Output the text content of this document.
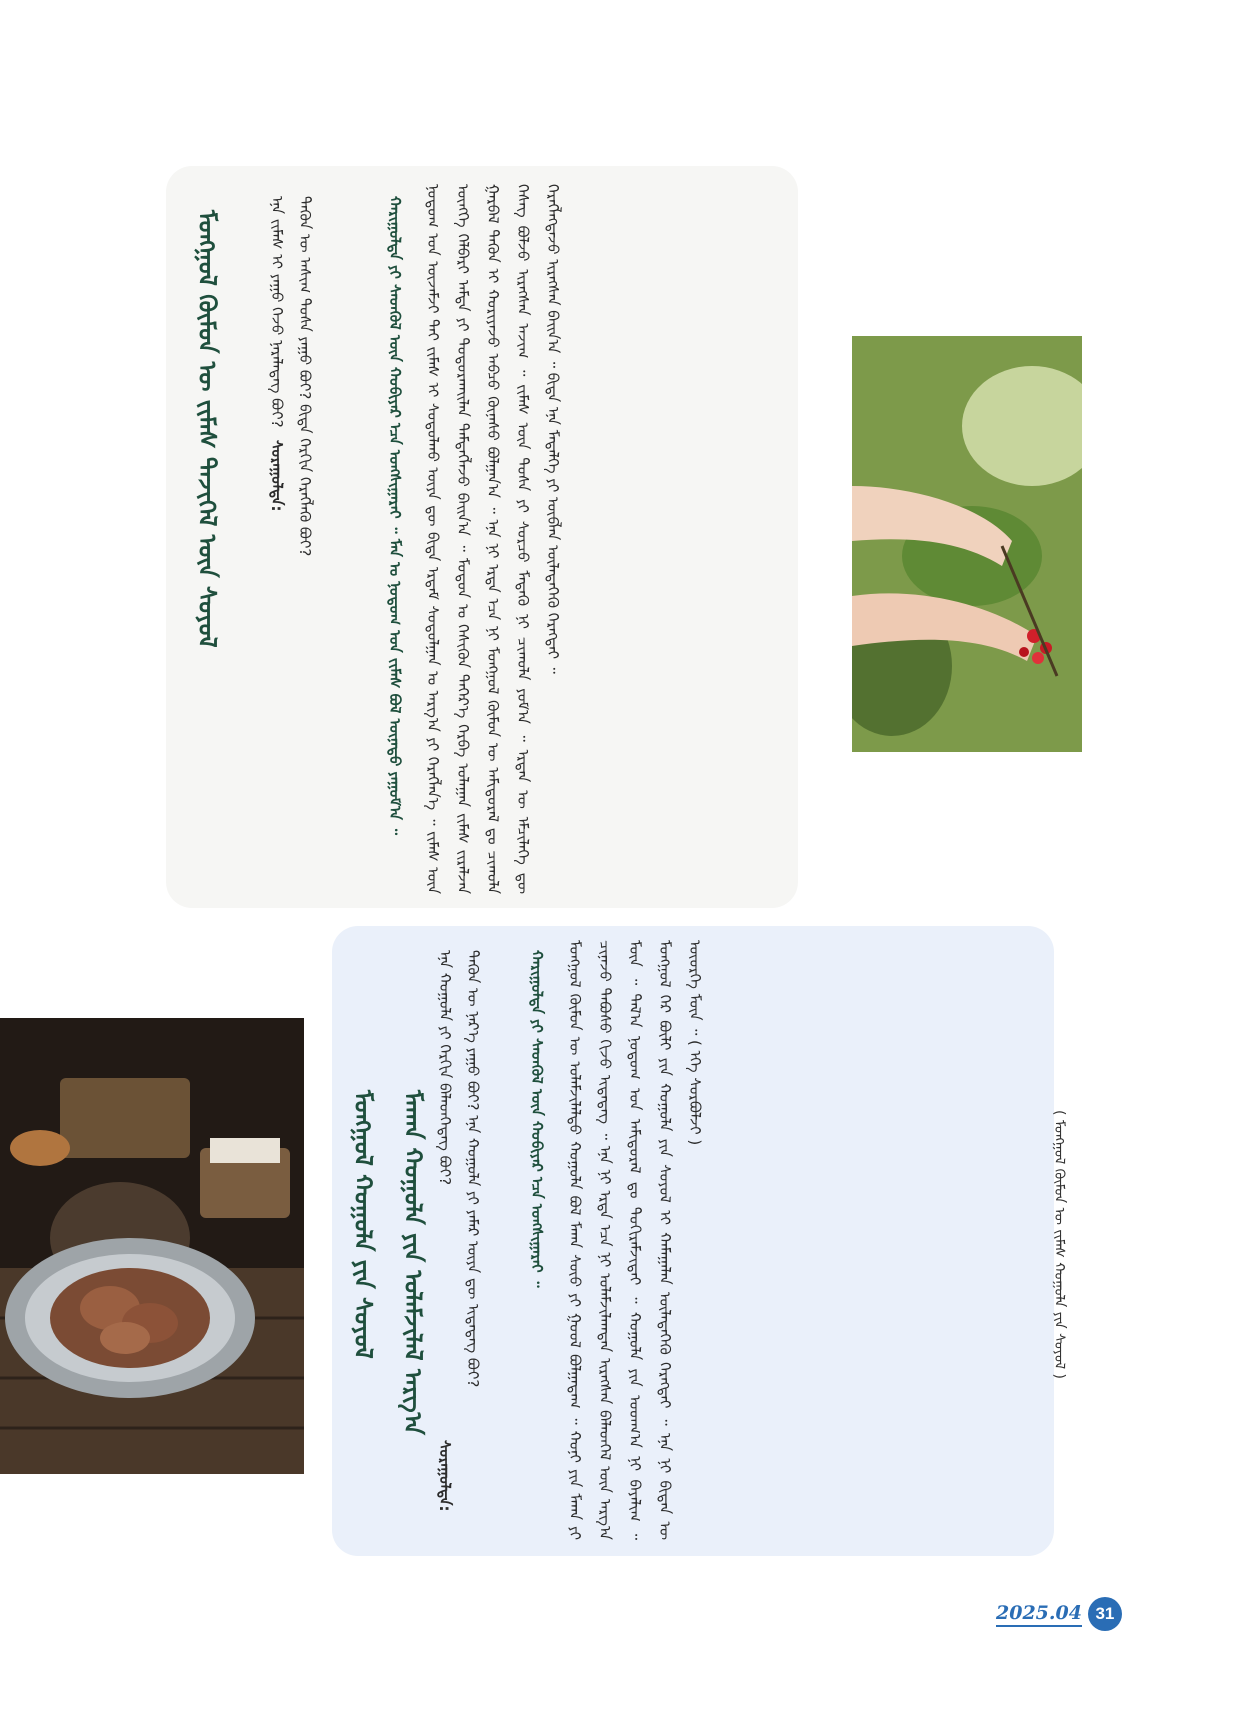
ᠮᠣᠩᠭᠣᠯ ᠬᠦᠮᠦᠨ ᠦ ᠵᠢᠮᠡᠰ ᠲᠡᠵᠢᠭᠡᠯ ᠦᠨ ᠰᠣᠶᠣᠯ	ᠡᠨᠡ ᠵᠢᠮᠡᠰ ᠢ ᠶᠠᠭᠤ ᠭᠡᠵᠦ ᠨᠡᠷᠡᠯᠡᠳᠡᠭ ᠪᠤᠢ?
ᠰᠤᠷᠠᠭᠤᠯᠲᠠ: ᠲᠡᠭᠦᠨ ᠦ ᠠᠰᠢᠭ ᠲᠤᠰᠠ ᠶᠠᠭᠤ ᠪᠤᠢ? ᠪᠢᠳᠡ ᠬᠡᠷᠬᠢᠨ ᠬᠡᠷᠡᠭᠯᠡᠬᠦ ᠪᠤᠢ?	ᠬᠠᠷᠢᠭᠤᠯᠲᠠ ᠶᠢ ᠰᠡᠳᠬᠦᠯ ᠦᠨ ᠬᠤᠪᠢᠶᠠᠷ ᠡᠴᠡ ᠤᠩᠰᠢᠭᠠᠷᠠᠢ ᠃ ᠮᠠᠨ ᠤ ᠨᠤᠲᠤᠭ ᠤᠨ ᠵᠢᠮᠡᠰ ᠪᠣᠯ ᠦᠨᠡᠲᠦ ᠶᠠᠭᠤᠮ᠎ᠠ ᠃	ᠨᠤᠲᠤᠭ ᠤᠨ ᠦᠵᠡᠮᠵᠢ ᠲᠡᠢ ᠵᠢᠮᠡᠰ ᠢ ᠰᠤᠳᠤᠯᠬᠤ ᠦᠶᠡ ᠳᠦ ᠪᠢᠳᠡ ᠡᠷᠳᠡᠮ ᠰᠤᠳᠤᠯᠭᠠᠨ ᠤ ᠠᠷᠭ᠎ᠠ ᠶᠢ ᠬᠡᠷᠡᠭᠯᠡᠨ᠎ᠡ ᠃ ᠵᠢᠮᠡᠰ ᠦᠨ ᠦᠩᠭᠡ ᠬᠡᠯᠪᠡᠷᠢ ᠠᠮᠲᠠ ᠶᠢ ᠲᠣᠳᠣᠷᠬᠠᠢᠯᠠᠨ ᠲᠡᠮᠳᠡᠭᠯᠡᠵᠦ ᠪᠠᠢᠨ᠎ᠠ ᠃ ᠮᠣᠳᠣᠨ ᠤ ᠭᠡᠰᠢᠭᠦᠨ ᠳᠡᠭᠡᠷ᠎ᠡ ᠬᠡᠷᠪᠡ ᠤᠯᠠᠭᠠᠨ ᠵᠢᠮᠡᠰ ᠵᠢᠷᠠᠯᠵᠠᠨ ᠭᠠᠷᠪᠠᠯ ᠲᠡᠭᠦᠨ ᠢ ᠬᠤᠷᠢᠶᠠᠵᠤ ᠠᠪᠴᠤ ᠬᠦᠨᠡᠰᠦ ᠪᠣᠯᠭᠠᠨ᠎ᠠ ᠃ ᠡᠨᠡ ᠨᠢ ᠡᠷᠲᠡ ᠡᠴᠡ ᠨᠢ ᠮᠣᠩᠭᠣᠯ ᠬᠦᠮᠦᠨ ᠦ ᠠᠮᠢᠳᠤᠷᠠᠯ ᠳᠤ ᠴᠢᠬᠤᠯᠠ ᠬᠡᠰᠡᠭ ᠪᠣᠯᠵᠤ ᠢᠷᠡᠭᠰᠡᠨ ᠠᠵᠢᠭ ᠃ ᠵᠢᠮᠡᠰ ᠦᠨ ᠲᠤᠰᠠ ᠶᠢ ᠰᠤᠷᠴᠤ ᠮᠡᠳᠡᠬᠦ ᠨᠢ ᠴᠢᠬᠤᠯᠠ ᠶᠤᠮ᠎ᠠ ᠃ ᠡᠷᠲᠡᠨ ᠦ ᠡᠮᠴᠢᠯᠡᠭᠡ ᠳᠦ ᠬᠡᠷᠡᠭᠯᠡᠭᠳᠡᠵᠦ ᠢᠷᠡᠭᠰᠡᠨ ᠪᠠᠢᠨ᠎ᠠ ᠃ ᠪᠢᠳᠡ ᠡᠨᠡ ᠮᠡᠳᠡᠯᠭᠡ ᠶᠢ ᠥᠪᠯᠡᠨ ᠦᠯᠡᠳᠡᠭᠡᠬᠦ ᠬᠡᠷᠡᠭᠲᠡᠢ ᠃
ᠮᠣᠩᠭᠣᠯ ᠬᠤᠭᠤᠯᠠ ᠶᠢᠨ ᠰᠣᠶᠣᠯ ᠮᠠᠬᠠᠨ ᠬᠣᠭᠣᠯᠠ ᠶᠢᠨ ᠤᠯᠠᠮᠵᠢᠯᠠᠯ ᠠᠷᠭ᠎ᠠ
ᠡᠨᠡ ᠬᠣᠭᠣᠯᠠ ᠶᠢ ᠬᠡᠷᠬᠢᠨ ᠪᠡᠯᠡᠳᠬᠡᠳᠡᠭ ᠪᠤᠢ?
ᠰᠤᠷᠠᠭᠤᠯᠲᠠ:
ᠲᠡᠭᠦᠨ ᠦ ᠨᠡᠷ᠎ᠡ ᠶᠠᠭᠤ ᠪᠤᠢ? ᠡᠨᠡ ᠬᠣᠭᠣᠯᠠ ᠶᠢ ᠶᠠᠮᠠᠷ ᠦᠶᠡ ᠳᠦ ᠢᠳᠡᠳᠡᠭ ᠪᠤᠢ?	ᠬᠠᠷᠢᠭᠤᠯᠲᠠ ᠶᠢ ᠰᠡᠳᠬᠦᠯ ᠦᠨ ᠬᠤᠪᠢᠶᠠᠷ ᠡᠴᠡ ᠤᠩᠰᠢᠭᠠᠷᠠᠢ ᠃	ᠮᠣᠩᠭᠣᠯ ᠬᠦᠮᠦᠨ ᠦ ᠤᠯᠠᠮᠵᠢᠯᠠᠯᠲᠤ ᠬᠣᠭᠣᠯᠠ ᠪᠣᠯ ᠮᠠᠬᠠ ᠰᠦᠦ ᠶᠢ ᠭᠣᠣᠯ ᠪᠣᠯᠭᠠᠳᠠᠭ ᠃ ᠬᠣᠨᠢ ᠶᠢᠨ ᠮᠠᠬᠠ ᠶᠢ ᠴᠢᠨᠠᠵᠤ ᠳᠠᠪᠤᠰᠤ ᠬᠢᠵᠦ ᠢᠳᠡᠳᠡᠭ ᠃ ᠡᠨᠡ ᠨᠢ ᠡᠷᠲᠡ ᠡᠴᠡ ᠨᠢ ᠤᠯᠠᠮᠵᠢᠯᠠᠭᠳᠠᠨ ᠢᠷᠡᠭᠰᠡᠨ ᠪᠡᠯᠡᠳᠬᠡᠯ ᠦᠨ ᠠᠷᠭ᠎ᠠ ᠮᠥᠨ ᠃ ᠲᠠᠯ᠎ᠠ ᠨᠤᠲᠤᠭ ᠤᠨ ᠠᠮᠢᠳᠤᠷᠠᠯ ᠳᠤ ᠲᠣᠬᠢᠷᠠᠮᠵᠢᠲᠠᠢ ᠃ ᠬᠣᠭᠣᠯᠠ ᠶᠢᠨ ᠤᠳᠬ᠎ᠠ ᠨᠢ ᠪᠠᠶᠠᠯᠢᠭ ᠃ ᠮᠣᠩᠭᠣᠯ ᠭᠡᠷ ᠪᠦᠯᠢ ᠶᠢᠨ ᠬᠣᠭᠣᠯᠠ ᠶᠢᠨ ᠰᠣᠶᠣᠯ ᠢ ᠬᠠᠮᠠᠭᠠᠯᠠᠨ ᠦᠯᠡᠳᠡᠭᠡᠬᠦ ᠬᠡᠷᠡᠭᠲᠡᠢ ᠃ ᠡᠨᠡ ᠨᠢ ᠪᠢᠳᠡᠨ ᠦ ᠦᠦᠷᠭᠡ ᠮᠥᠨ ᠃ ( ᠡᠬᠡ ᠰᠤᠷᠪᠤᠯᠵᠢ )
( ᠮᠣᠩᠭᠣᠯ ᠬᠦᠮᠦᠨ ᠦ ᠵᠢᠮᠡᠰ ᠬᠣᠭᠣᠯᠠ ᠶᠢᠨ ᠰᠣᠶᠣᠯ )
2025.04 31
